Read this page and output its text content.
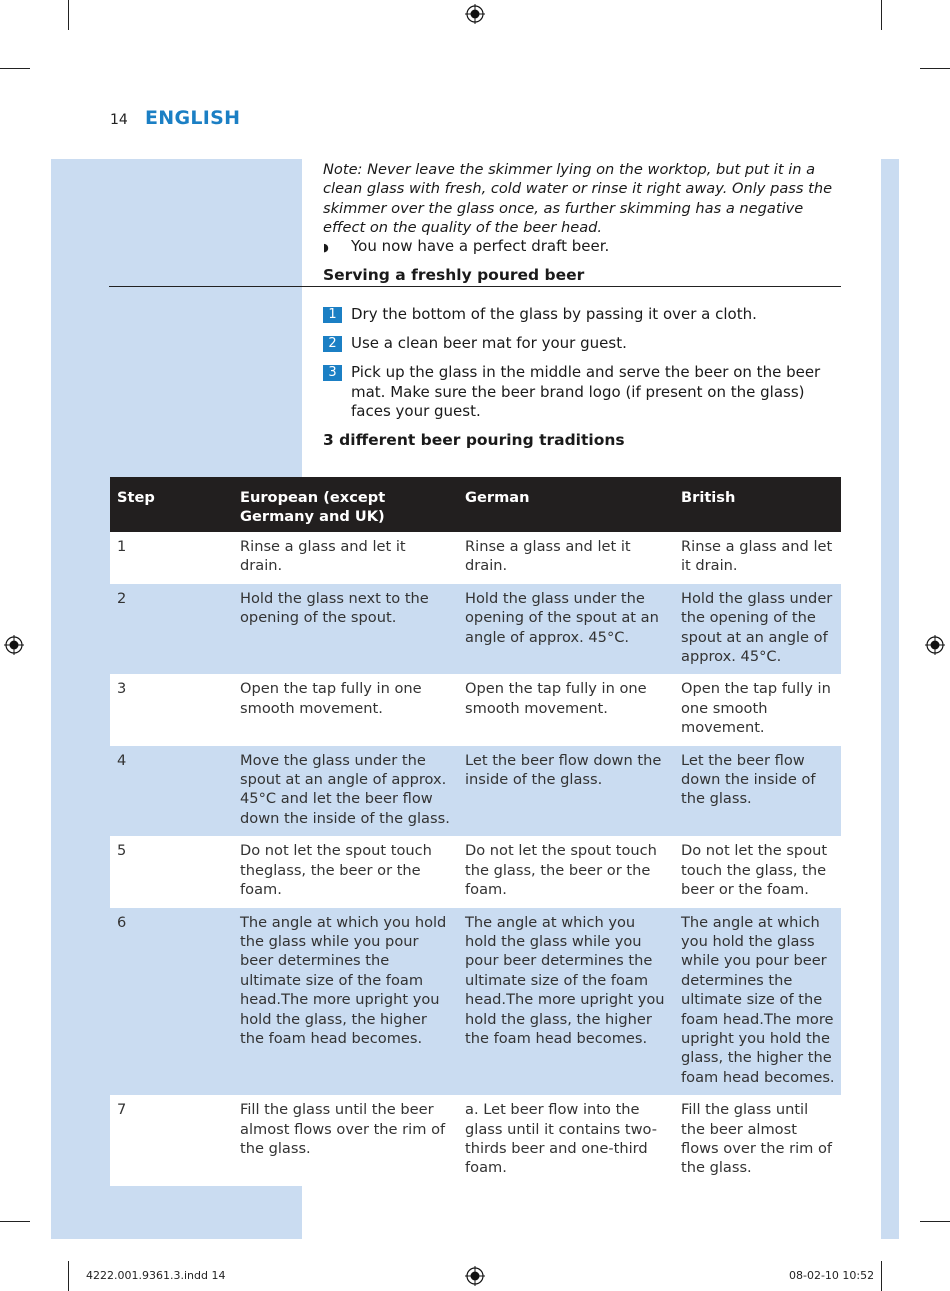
14 ENGLISH
Note: Never leave the skimmer lying on the worktop, but put it in a clean glass with fresh, cold water or rinse it right away. Only pass the skimmer over the glass once, as further skimming has a negative effect on the quality of the beer head.
◗ You now have a perfect draft beer.
Serving a freshly poured beer
1 Dry the bottom of the glass by passing it over a cloth.
2 Use a clean beer mat for your guest.
3 Pick up the glass in the middle and serve the beer on the beer mat. Make sure the beer brand logo (if present on the glass) faces your guest.
3 different beer pouring traditions
Step	European (except Germany and UK)	German	British
1	Rinse a glass and let it drain.	Rinse a glass and let it drain.	Rinse a glass and let it drain.
2	Hold the glass next to the opening of the spout.	Hold the glass under the opening of the spout at an angle of approx. 45°C.	Hold the glass under the opening of the spout at an angle of approx. 45°C.
3	Open the tap fully in one smooth movement.	Open the tap fully in one smooth movement.	Open the tap fully in one smooth movement.
4	Move the glass under the spout at an angle of approx. 45°C and let the beer flow down the inside of the glass.	Let the beer flow down the inside of the glass.	Let the beer flow down the inside of the glass.
5	Do not let the spout touch theglass, the beer or the foam.	Do not let the spout touch the glass, the beer or the foam.	Do not let the spout touch the glass, the beer or the foam.
6	The angle at which you hold the glass while you pour beer determines the ultimate size of the foam head.The more upright you hold the glass, the higher the foam head becomes.	The angle at which you hold the glass while you pour beer determines the ultimate size of the foam head.The more upright you hold the glass, the higher the foam head becomes.	The angle at which you hold the glass while you pour beer determines the ultimate size of the foam head.The more upright you hold the glass, the higher the foam head becomes.
7	Fill the glass until the beer almost flows over the rim of the glass.	a. Let beer flow into the glass until it contains two-thirds beer and one-third foam.	Fill the glass until the beer almost flows over the rim of the glass.
4222.001.9361.3.indd 14	08-02-10 10:52
